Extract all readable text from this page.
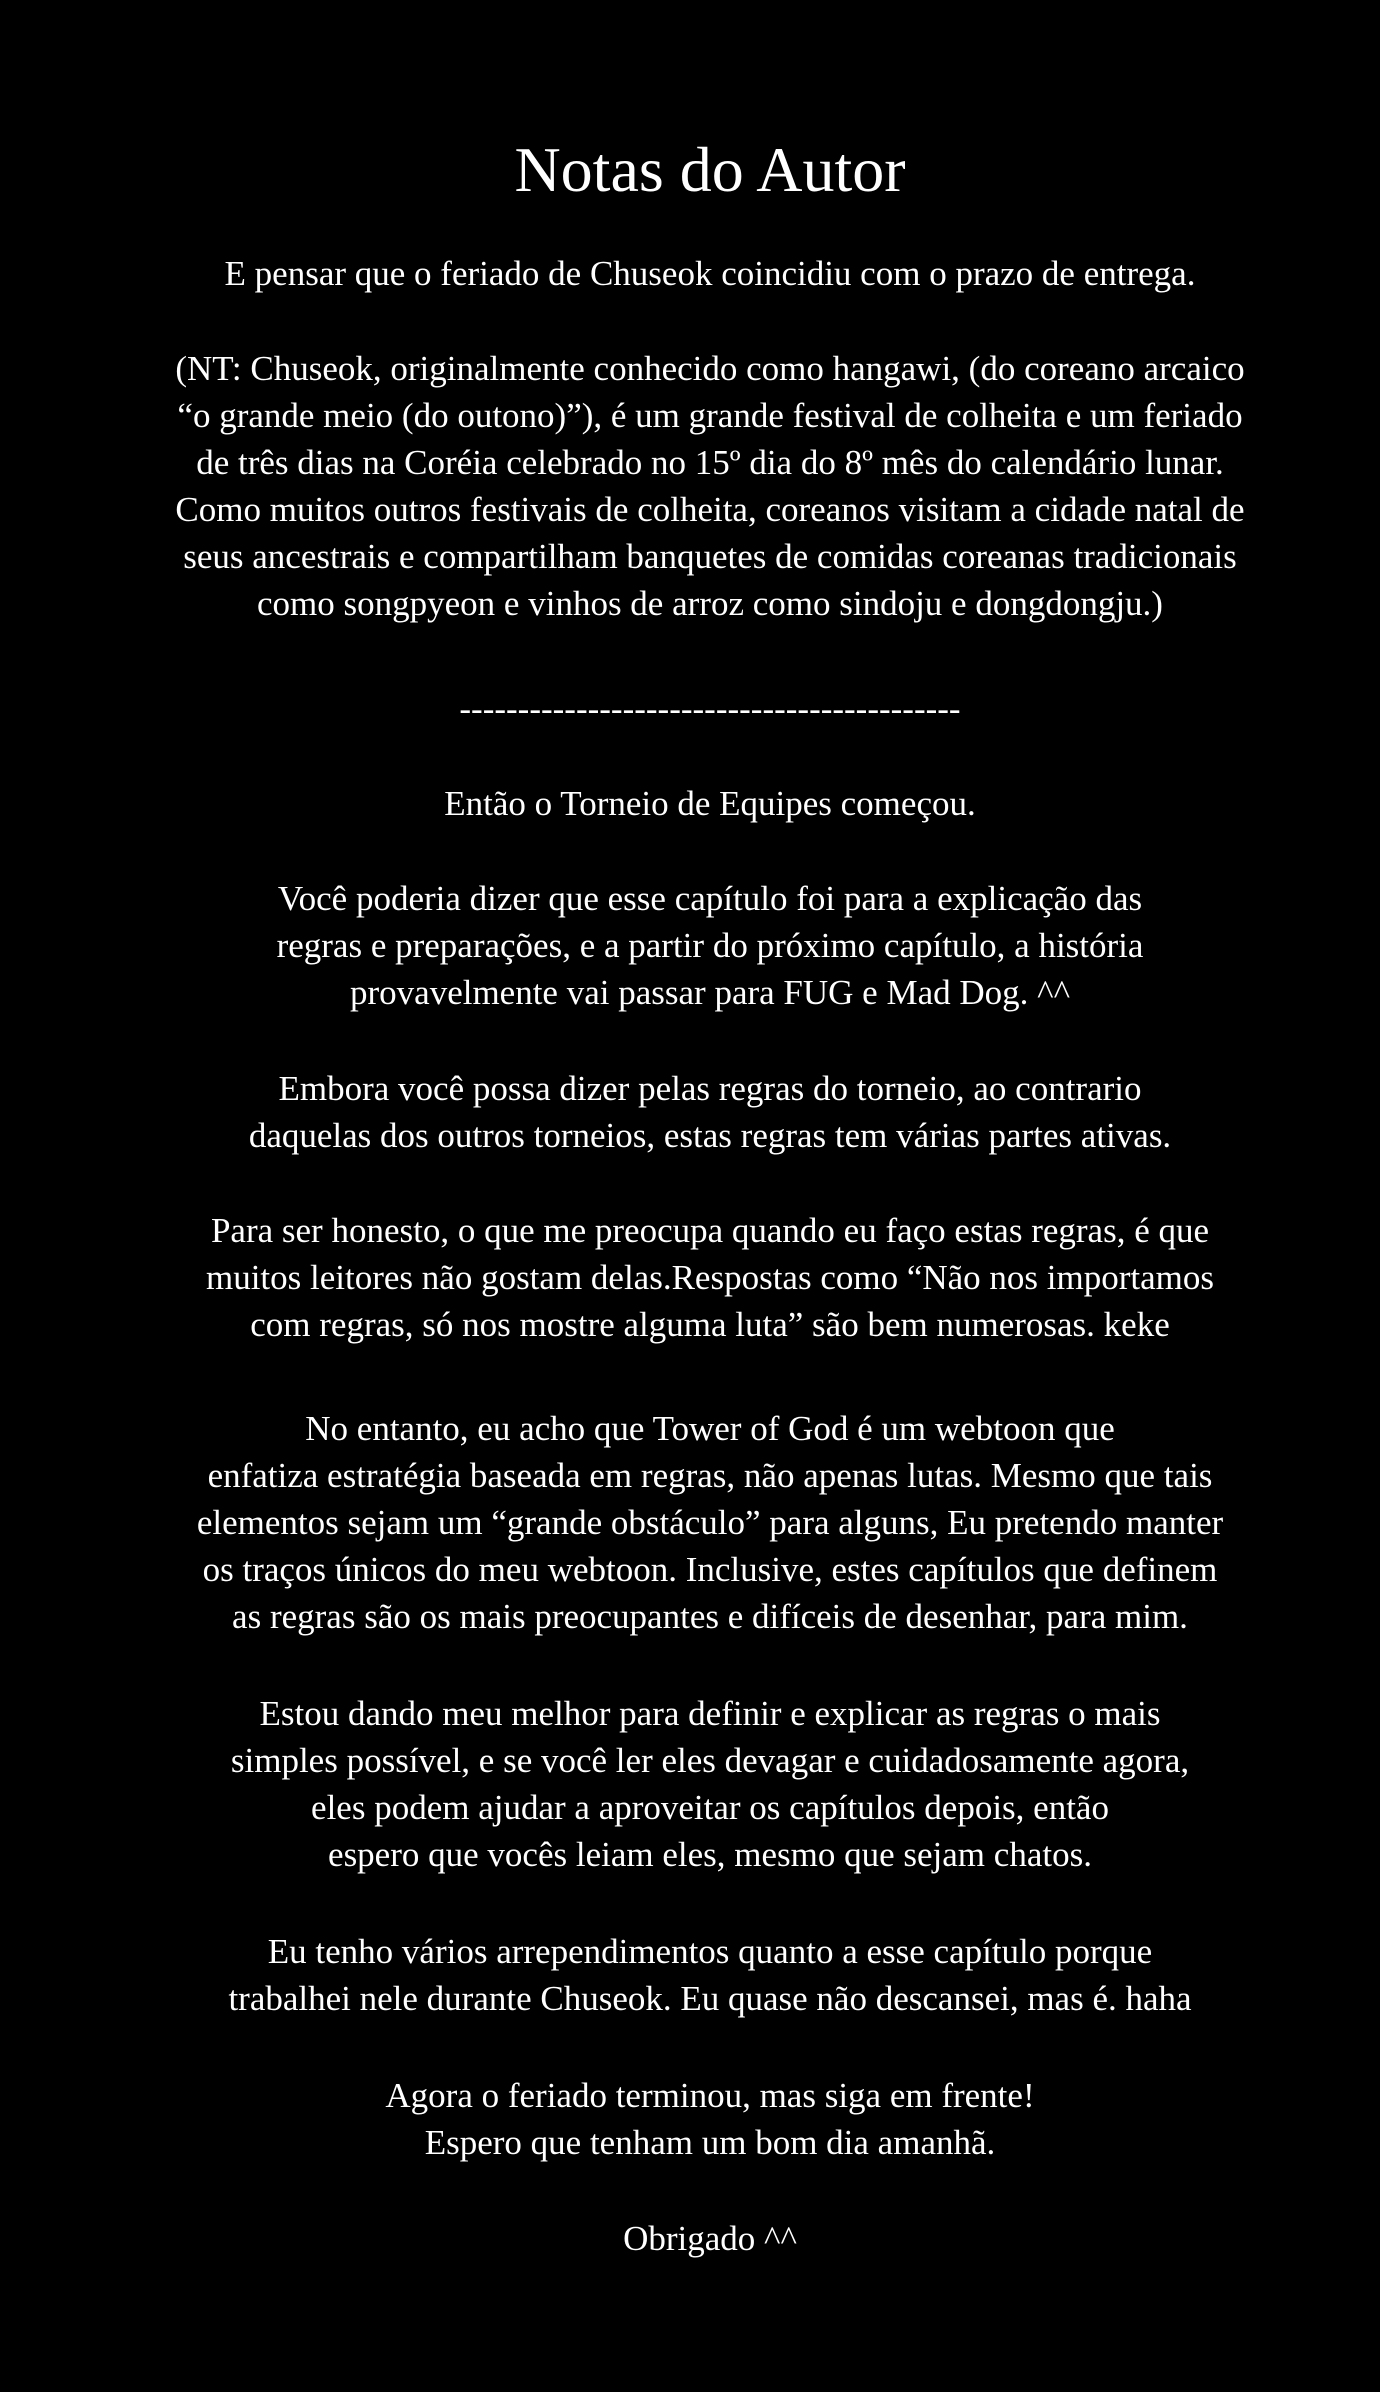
Notas do Autor

E pensar que o feriado de Chuseok coincidiu com o prazo de entrega.

(NT: Chuseok, originalmente conhecido como hangawi, (do coreano arcaico
“o grande meio (do outono)”), é um grande festival de colheita e um feriado
de três dias na Coréia celebrado no 15º dia do 8º mês do calendário lunar.
Como muitos outros festivais de colheita, coreanos visitam a cidade natal de
seus ancestrais e compartilham banquetes de comidas coreanas tradicionais
como songpyeon e vinhos de arroz como sindoju e dongdongju.)

-------------------------------------------

Então o Torneio de Equipes começou.

Você poderia dizer que esse capítulo foi para a explicação das
regras e preparações, e a partir do próximo capítulo, a história
provavelmente vai passar para FUG e Mad Dog. ^^

Embora você possa dizer pelas regras do torneio, ao contrario
daquelas dos outros torneios, estas regras tem várias partes ativas.

Para ser honesto, o que me preocupa quando eu faço estas regras, é que
muitos leitores não gostam delas.Respostas como “Não nos importamos
com regras, só nos mostre alguma luta” são bem numerosas. keke

No entanto, eu acho que Tower of God é um webtoon que
enfatiza estratégia baseada em regras, não apenas lutas. Mesmo que tais
elementos sejam um “grande obstáculo” para alguns, Eu pretendo manter
os traços únicos do meu webtoon. Inclusive, estes capítulos que definem
as regras são os mais preocupantes e difíceis de desenhar, para mim.

Estou dando meu melhor para definir e explicar as regras o mais
simples possível, e se você ler eles devagar e cuidadosamente agora,
eles podem ajudar a aproveitar os capítulos depois, então
espero que vocês leiam eles, mesmo que sejam chatos.

Eu tenho vários arrependimentos quanto a esse capítulo porque
trabalhei nele durante Chuseok. Eu quase não descansei, mas é. haha

Agora o feriado terminou, mas siga em frente!
Espero que tenham um bom dia amanhã.

Obrigado ^^
